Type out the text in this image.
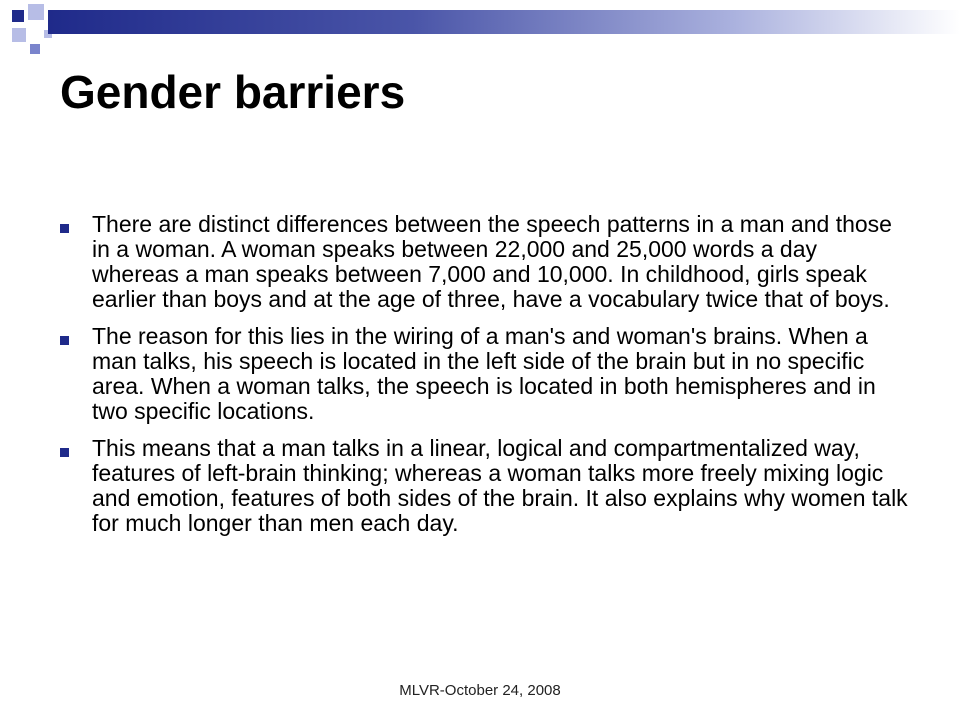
Gender barriers
There are distinct differences between the speech patterns in a man and those in a woman. A woman speaks between 22,000 and 25,000 words a day whereas a man speaks between 7,000 and 10,000. In childhood, girls speak earlier than boys and at the age of three, have a vocabulary twice that of boys.
The reason for this lies in the wiring of a man's and woman's brains. When a man talks, his speech is located in the left side of the brain but in no specific area. When a woman talks, the speech is located in both hemispheres and in two specific locations.
This means that a man talks in a linear, logical and compartmentalized way, features of left-brain thinking; whereas a woman talks more freely mixing logic and emotion, features of both sides of the brain. It also explains why women talk for much longer than men each day.
MLVR-October 24, 2008
